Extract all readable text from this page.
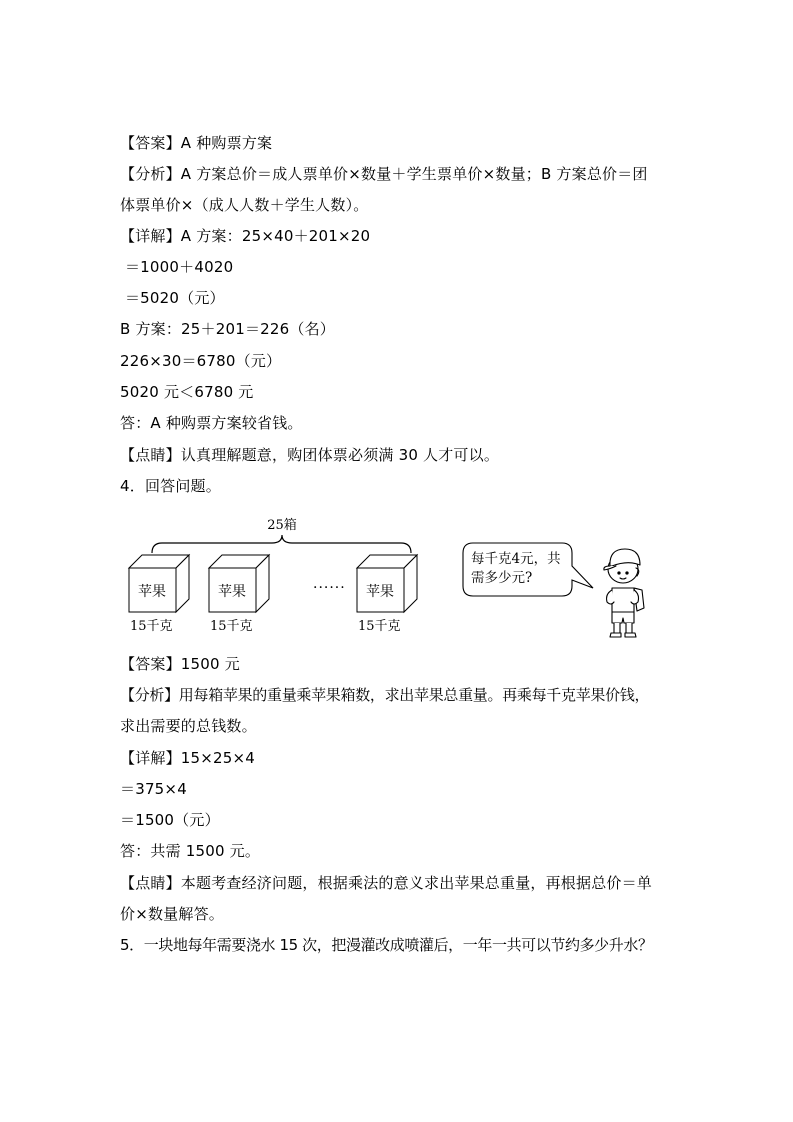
【答案】A 种购票方案
【分析】A 方案总价＝成人票单价×数量＋学生票单价×数量；B 方案总价＝团
体票单价×（成人人数＋学生人数）。
【详解】A 方案：25×40＋201×20
＝1000＋4020
＝5020（元）
B 方案：25＋201＝226（名）
226×30＝6780（元）
5020 元＜6780 元
答：A 种购票方案较省钱。
【点睛】认真理解题意，购团体票必须满 30 人才可以。
4．回答问题。
25箱
苹果
15千克
苹果
15千克
······ 苹果
15千克
每千克4元，共
需多少元?
【答案】1500 元
【分析】用每箱苹果的重量乘苹果箱数，求出苹果总重量。再乘每千克苹果价钱，
求出需要的总钱数。
【详解】15×25×4
＝375×4
＝1500（元）
答：共需 1500 元。
【点睛】本题考查经济问题，根据乘法的意义求出苹果总重量，再根据总价＝单
价×数量解答。
5．一块地每年需要浇水 15 次，把漫灌改成喷灌后，一年一共可以节约多少升水？
